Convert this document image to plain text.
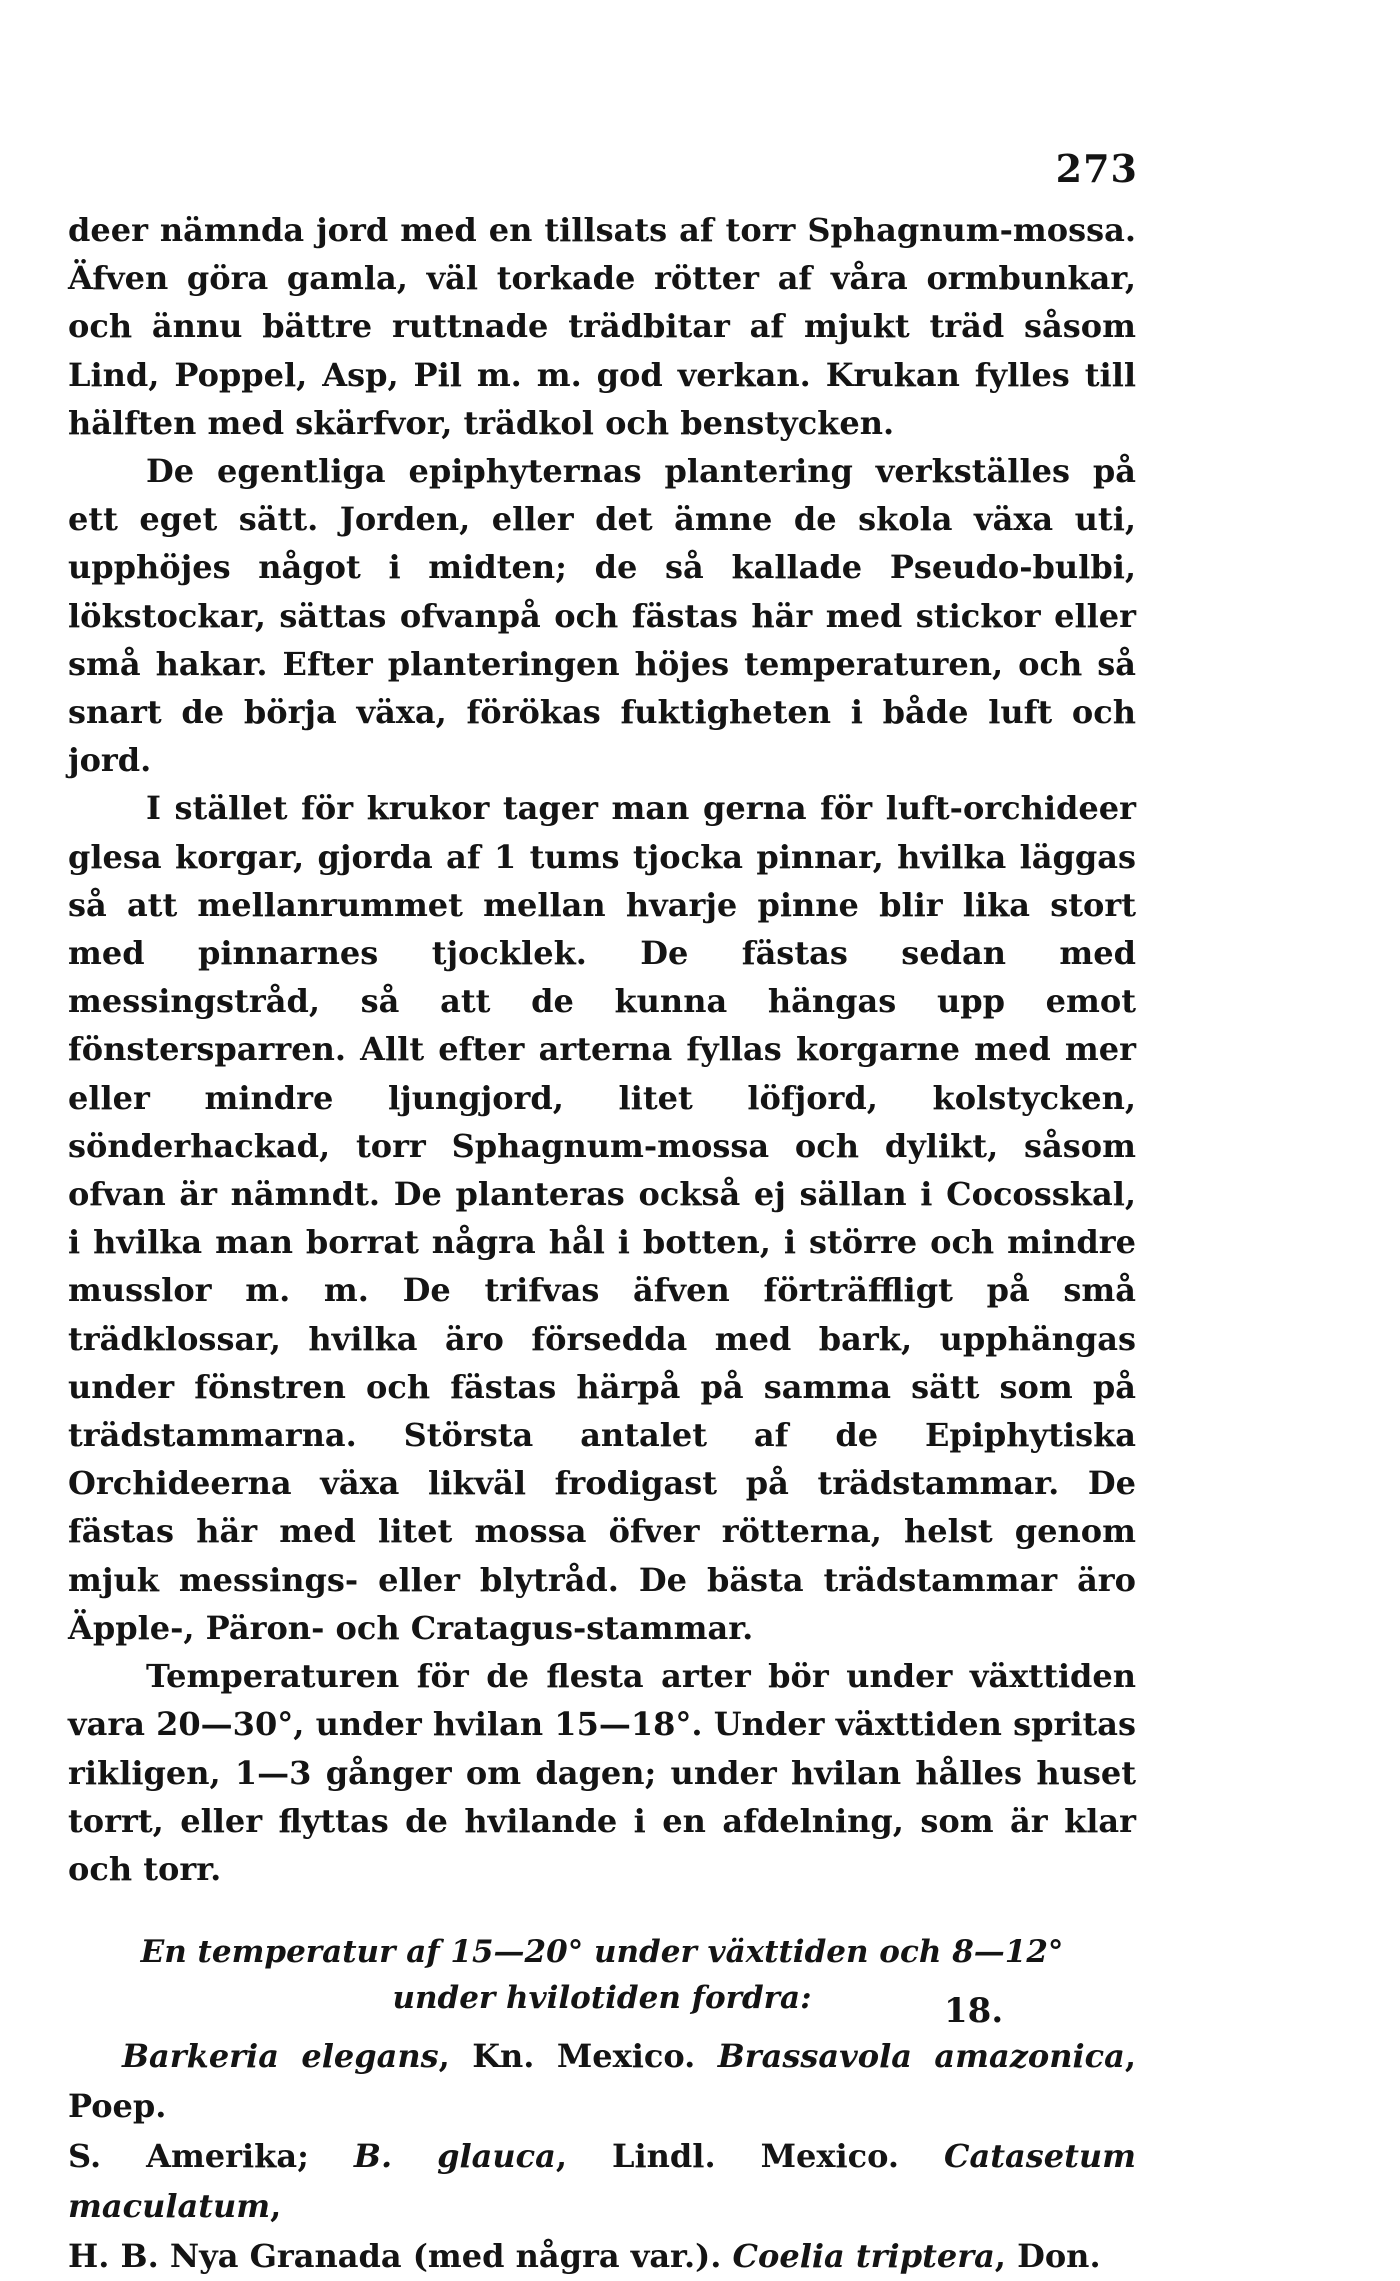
273

deer nämnda jord med en tillsats af torr Sphagnum-mossa. Äfven göra gamla, väl torkade rötter af våra ormbunkar, och ännu bättre ruttnade trädbitar af mjukt träd såsom Lind, Poppel, Asp, Pil m. m. god verkan. Krukan fylles till hälften med skärfvor, trädkol och benstycken.

De egentliga epiphyternas plantering verkställes på ett eget sätt. Jorden, eller det ämne de skola växa uti, upphöjes något i midten; de så kallade Pseudo-bulbi, lökstockar, sättas ofvanpå och fästas här med stickor eller små hakar. Efter planteringen höjes temperaturen, och så snart de börja växa, förökas fuktigheten i både luft och jord.

I stället för krukor tager man gerna för luft-orchideer glesa korgar, gjorda af 1 tums tjocka pinnar, hvilka läggas så att mellanrummet mellan hvarje pinne blir lika stort med pinnarnes tjocklek. De fästas sedan med messingstråd, så att de kunna hängas upp emot fönstersparren. Allt efter arterna fyllas korgarne med mer eller mindre ljungjord, litet löfjord, kolstycken, sönderhackad, torr Sphagnum-mossa och dylikt, såsom ofvan är nämndt. De planteras också ej sällan i Cocosskal, i hvilka man borrat några hål i botten, i större och mindre musslor m. m. De trifvas äfven förträffligt på små trädklossar, hvilka äro försedda med bark, upphängas under fönstren och fästas härpå på samma sätt som på trädstammarna. Största antalet af de Epiphytiska Orchideerna växa likväl frodigast på trädstammar. De fästas här med litet mossa öfver rötterna, helst genom mjuk messings- eller blytråd. De bästa trädstammar äro Äpple-, Päron- och Cratagus-stammar.

Temperaturen för de flesta arter bör under växttiden vara 20—30°, under hvilan 15—18°. Under växttiden spritas rikligen, 1—3 gånger om dagen; under hvilan hålles huset torrt, eller flyttas de hvilande i en afdelning, som är klar och torr.

En temperatur af 15—20° under växttiden och 8—12°
under hvilotiden fordra:
Barkeria elegans, Kn. Mexico. Brassavola amazonica, Poep.
S. Amerika; B. glauca, Lindl. Mexico. Catasetum maculatum,
H. B. Nya Granada (med några var.). Coelia triptera, Don.

18.
